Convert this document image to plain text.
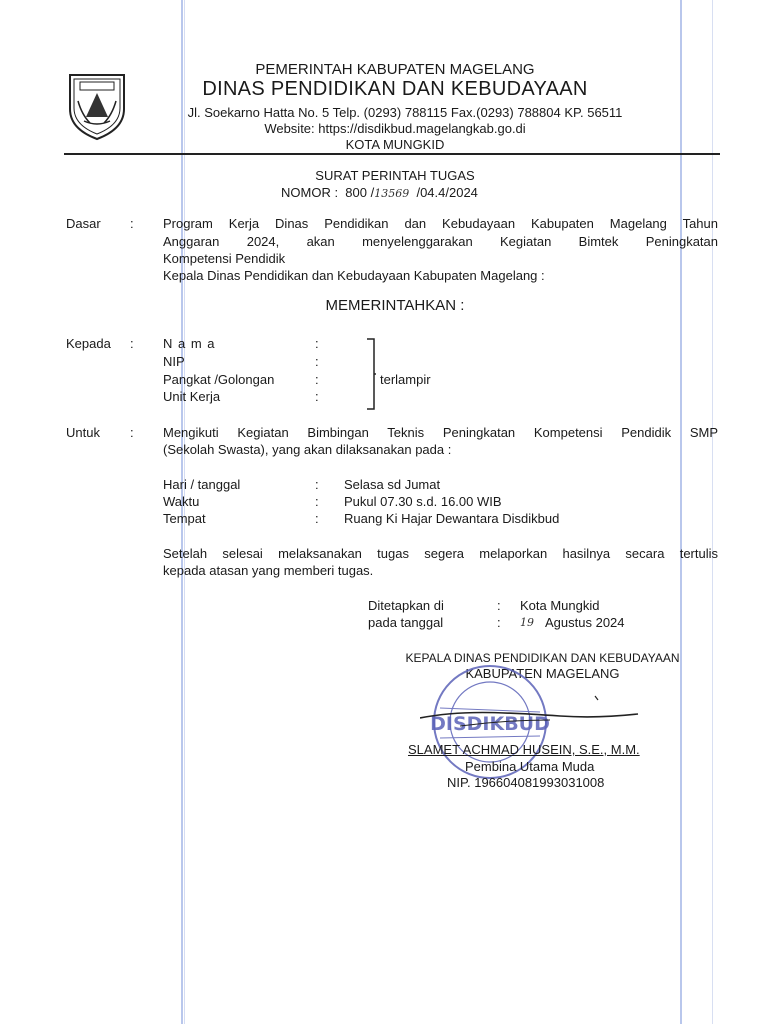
PEMERINTAH KABUPATEN MAGELANG
DINAS PENDIDIKAN DAN KEBUDAYAAN
Jl. Soekarno Hatta No. 5 Telp. (0293) 788115 Fax.(0293) 788804 KP. 56511
Website: https://disdikbud.magelangkab.go.di
KOTA MUNGKID
SURAT PERINTAH TUGAS
NOMOR : 800 /13569 /04.4/2024
Dasar : Program Kerja Dinas Pendidikan dan Kebudayaan Kabupaten Magelang Tahun
Anggaran 2024, akan menyelenggarakan Kegiatan Bimtek Peningkatan
Kompetensi Pendidik
Kepala Dinas Pendidikan dan Kebudayaan Kabupaten Magelang :
MEMERINTAHKAN :
Kepada : N a m a	:
NIP	:
Pangkat /Golongan	:
Unit Kerja	:
terlampir
Untuk : Mengikuti Kegiatan Bimbingan Teknis Peningkatan Kompetensi Pendidik SMP
(Sekolah Swasta), yang akan dilaksanakan pada :
Hari / tanggal	: Selasa sd Jumat
Waktu	: Pukul 07.30 s.d. 16.00 WIB
Tempat	: Ruang Ki Hajar Dewantara Disdikbud
Setelah selesai melaksanakan tugas segera melaporkan hasilnya secara tertulis
kepada atasan yang memberi tugas.
Ditetapkan di	: Kota Mungkid
pada tanggal	: 19 Agustus 2024
KEPALA DINAS PENDIDIKAN DAN KEBUDAYAAN
KABUPATEN MAGELANG
DISDIKBUD
SLAMET ACHMAD HUSEIN, S.E., M.M.
Pembina Utama Muda
NIP. 196604081993031008
